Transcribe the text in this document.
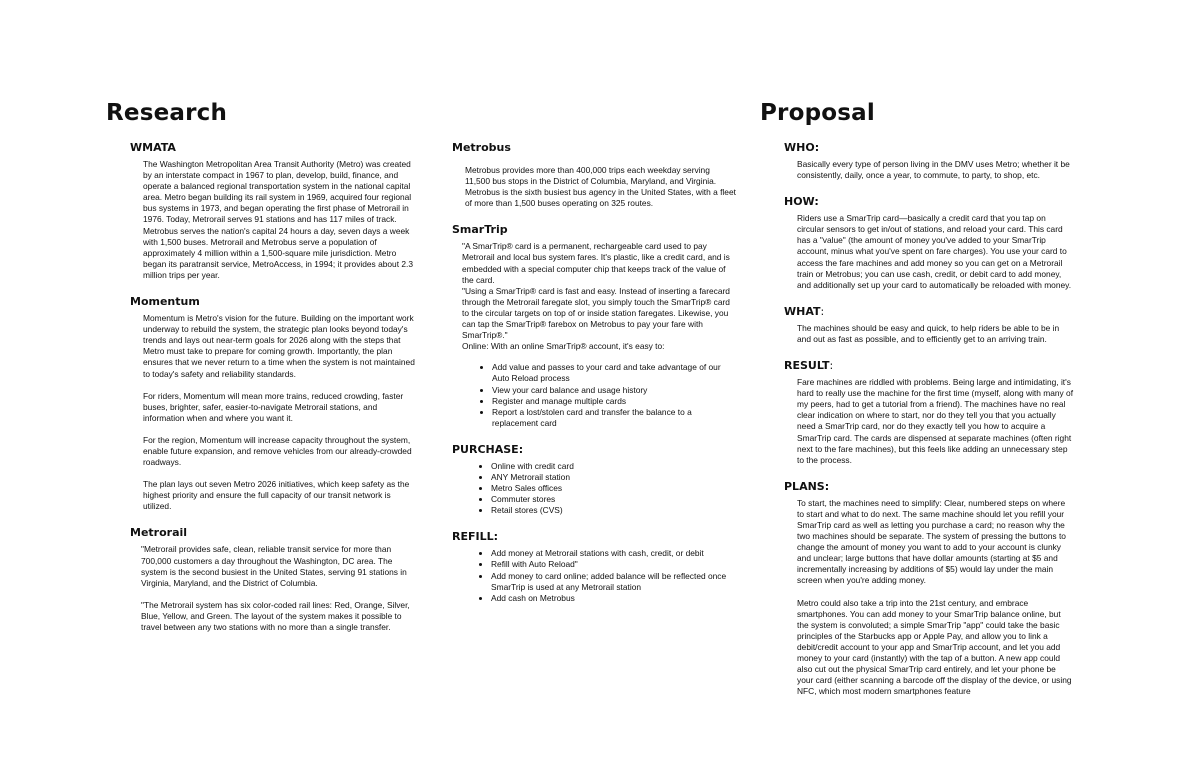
Research
WMATA

The Washington Metropolitan Area Transit Authority (Metro) was created by an interstate compact in 1967 to plan, develop, build, finance, and operate a balanced regional transportation system in the national capital area. Metro began building its rail system in 1969, acquired four regional bus systems in 1973, and began operating the first phase of Metrorail in 1976. Today, Metrorail serves 91 stations and has 117 miles of track. Metrobus serves the nation's capital 24 hours a day, seven days a week with 1,500 buses. Metrorail and Metrobus serve a population of approximately 4 million within a 1,500-square mile jurisdiction. Metro began its paratransit service, MetroAccess, in 1994; it provides about 2.3 million trips per year.

Momentum

Momentum is Metro's vision for the future. Building on the important work underway to rebuild the system, the strategic plan looks beyond today's trends and lays out near-term goals for 2026 along with the steps that Metro must take to prepare for coming growth. Importantly, the plan ensures that we never return to a time when the system is not maintained to today's safety and reliability standards.

For riders, Momentum will mean more trains, reduced crowding, faster buses, brighter, safer, easier-to-navigate Metrorail stations, and information when and where you want it.

For the region, Momentum will increase capacity throughout the system, enable future expansion, and remove vehicles from our already-crowded roadways.

The plan lays out seven Metro 2026 initiatives, which keep safety as the highest priority and ensure the full capacity of our transit network is utilized.

Metrorail

"Metrorail provides safe, clean, reliable transit service for more than 700,000 customers a day throughout the Washington, DC area. The system is the second busiest in the United States, serving 91 stations in Virginia, Maryland, and the District of Columbia.

"The Metrorail system has six color-coded rail lines: Red, Orange, Silver, Blue, Yellow, and Green. The layout of the system makes it possible to travel between any two stations with no more than a single transfer.

Metrobus

Metrobus provides more than 400,000 trips each weekday serving 11,500 bus stops in the District of Columbia, Maryland, and Virginia. Metrobus is the sixth busiest bus agency in the United States, with a fleet of more than 1,500 buses operating on 325 routes.

SmarTrip
"A SmarTrip® card is a permanent, rechargeable card used to pay Metrorail and local bus system fares. It's plastic, like a credit card, and is embedded with a special computer chip that keeps track of the value of the card.
"Using a SmarTrip® card is fast and easy. Instead of inserting a farecard through the Metrorail faregate slot, you simply touch the SmarTrip® card to the circular targets on top of or inside station faregates. Likewise, you can tap the SmarTrip® farebox on Metrobus to pay your fare with SmarTrip®."
Online: With an online SmarTrip® account, it's easy to:
• Add value and passes to your card and take advantage of our Auto Reload process
• View your card balance and usage history
• Register and manage multiple cards
• Report a lost/stolen card and transfer the balance to a replacement card
PURCHASE:
• Online with credit card
• ANY Metrorail station
• Metro Sales offices
• Commuter stores
• Retail stores (CVS)
REFILL:
• Add money at Metrorail stations with cash, credit, or debit
• Refill with Auto Reload"
• Add money to card online; added balance will be reflected once SmarTrip is used at any Metrorail station
• Add cash on Metrobus
Proposal
WHO:

Basically every type of person living in the DMV uses Metro; whether it be consistently, daily, once a year, to commute, to party, to shop, etc.

HOW:

Riders use a SmarTrip card—basically a credit card that you tap on circular sensors to get in/out of stations, and reload your card. This card has a "value" (the amount of money you've added to your SmarTrip account, minus what you've spent on fare charges). You use your card to access the fare machines and add money so you can get on a Metrorail train or Metrobus; you can use cash, credit, or debit card to add money, and additionally set up your card to automatically be reloaded with money.

WHAT:

The machines should be easy and quick, to help riders be able to be in and out as fast as possible, and to efficiently get to an arriving train.

RESULT:

Fare machines are riddled with problems. Being large and intimidating, it's hard to really use the machine for the first time (myself, along with many of my peers, had to get a tutorial from a friend). The machines have no real clear indication on where to start, nor do they tell you that you actually need a SmarTrip card, nor do they exactly tell you how to acquire a SmarTrip card. The cards are dispensed at separate machines (often right next to the fare machines), but this feels like adding an unnecessary step to the process.

PLANS:

To start, the machines need to simplify: Clear, numbered steps on where to start and what to do next. The same machine should let you refill your SmarTrip card as well as letting you purchase a card; no reason why the two machines should be separate. The system of pressing the buttons to change the amount of money you want to add to your account is clunky and unclear; large buttons that have dollar amounts (starting at $5 and incrementally increasing by additions of $5) would lay under the main screen when you're adding money.

Metro could also take a trip into the 21st century, and embrace smartphones. You can add money to your SmarTrip balance online, but the system is convoluted; a simple SmarTrip "app" could take the basic principles of the Starbucks app or Apple Pay, and allow you to link a debit/credit account to your app and SmarTrip account, and let you add money to your card (instantly) with the tap of a button. A new app could also cut out the physical SmarTrip card entirely, and let your phone be your card (either scanning a barcode off the display of the device, or using NFC, which most modern smartphones feature
